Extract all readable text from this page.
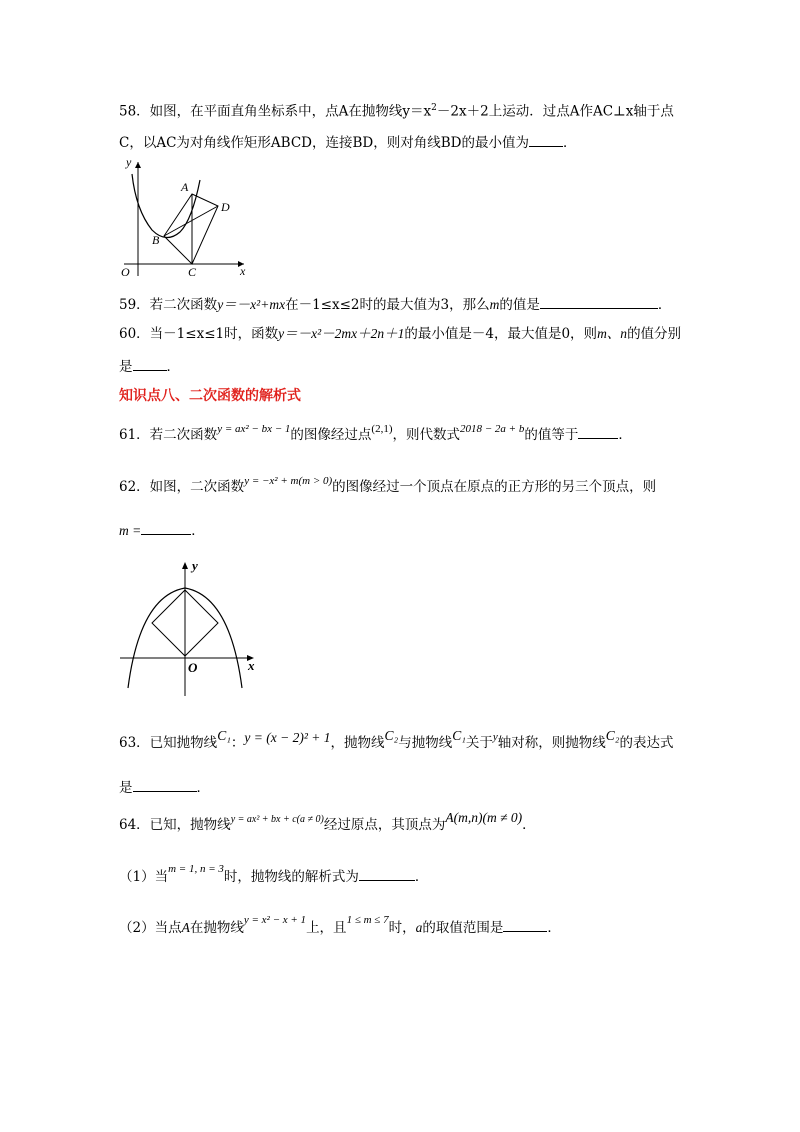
58．如图，在平面直角坐标系中，点A在抛物线$y=x^2-2x+2$上运动．过点A作AC⊥x轴于点
C，以AC为对角线作矩形ABCD，连接BD，则对角线BD的最小值为	．
y
x
O
A
B
C
D
59．若二次函数y＝－x²+mx在－1≤x≤2时的最大值为3，那么m的值是	．
60．当－1≤x≤1时，函数y＝－x²－2mx＋2n＋1的最小值是－4，最大值是0，则m、n的值分别
是	．
知识点八、二次函数的解析式
61．若二次函数$^{y = ax^2 - bx - 1}$的图像经过点$^{(2,1)}$，则代数式$^{2018 - 2a + b}$的值等于	．
62．如图，二次函数$^{y = -x^2 + m(m > 0)}$的图像经过一个顶点在原点的正方形的另三个顶点，则
m =	．
y
x
O
63．已知抛物线C₁：y = (x − 2)² + 1，抛物线C₂与抛物线C₁关于$^y$轴对称，则抛物线C₂的表达式
是	．
64．已知，抛物线$^{y = ax^2 + bx + c(a \ne 0)}$经过原点，其顶点为A(m,n)(m ≠ 0)．
（1）当$^{m = 1, n = 3}$时，抛物线的解析式为	．
（2）当点A在抛物线$^{y = x^2 - x + 1}$上，且$^{1 \le m \le 7}$时，a的取值范围是	．
